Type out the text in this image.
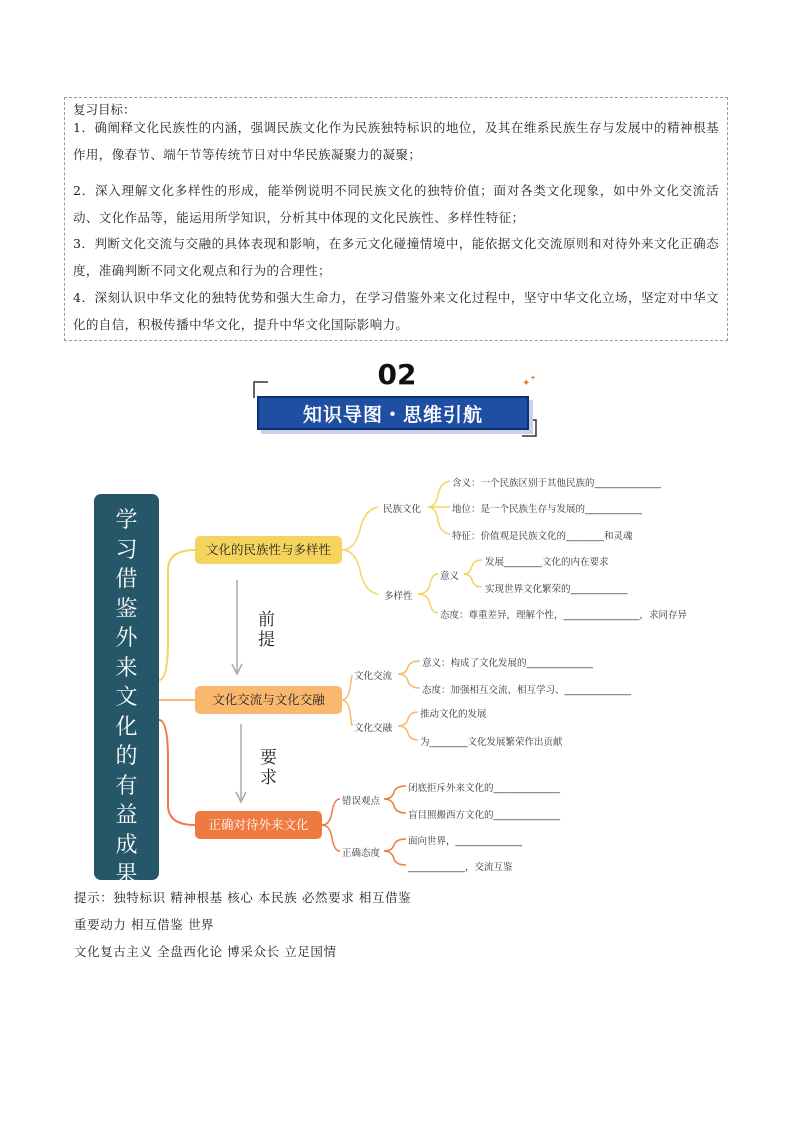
复习目标：
1．确阐释文化民族性的内涵，强调民族文化作为民族独特标识的地位，及其在维系民族生存与发展中的精神根基作用，像春节、端午节等传统节日对中华民族凝聚力的凝聚；
2．深入理解文化多样性的形成，能举例说明不同民族文化的独特价值；面对各类文化现象，如中外文化交流活动、文化作品等，能运用所学知识，分析其中体现的文化民族性、多样性特征；
3．判断文化交流与交融的具体表现和影响，在多元文化碰撞情境中，能依据文化交流原则和对待外来文化正确态度，准确判断不同文化观点和行为的合理性；
4．深刻认识中华文化的独特优势和强大生命力，在学习借鉴外来文化过程中，坚守中华文化立场，坚定对中华文化的自信，积极传播中华文化，提升中华文化国际影响力。
02	✦ ✦
知识导图・思维引航
学习借鉴外来文化的有益成果
文化的民族性与多样性
文化交流与文化交融
正确对待外来文化
前提
要求
民族文化
含义：一个民族区别于其他民族的______________
地位：是一个民族生存与发展的____________
特征：价值观是民族文化的________和灵魂
多样性
意义
发展________文化的内在要求
实现世界文化繁荣的____________
态度：尊重差异，理解个性，________________，求同存异
文化交流
意义：构成了文化发展的______________
态度：加强相互交流、相互学习、______________
文化交融
推动文化的发展
为________文化发展繁荣作出贡献
错误观点
闭底拒斥外来文化的______________
盲目照搬西方文化的______________
正确态度
面向世界，______________
____________，交流互鉴
提示：独特标识 精神根基 核心 本民族 必然要求 相互借鉴
重要动力 相互借鉴 世界
文化复古主义 全盘西化论 博采众长 立足国情
